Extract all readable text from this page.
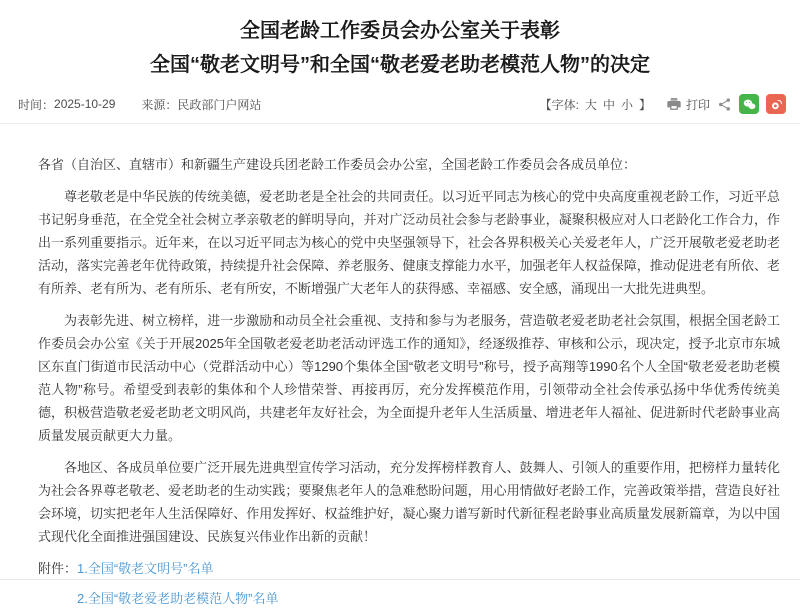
全国老龄工作委员会办公室关于表彰
全国“敬老文明号”和全国“敬老爱老助老模范人物”的决定
时间： 2025-10-29 来源： 民政部门户网站	【字体: 大 中 小 】	打印

各省（自治区、直辖市）和新疆生产建设兵团老龄工作委员会办公室，全国老龄工作委员会各成员单位：

尊老敬老是中华民族的传统美德，爱老助老是全社会的共同责任。以习近平同志为核心的党中央高度重视老龄工作，习近平总书记躬身垂范，在全党全社会树立孝亲敬老的鲜明导向，并对广泛动员社会参与老龄事业，凝聚积极应对人口老龄化工作合力，作出一系列重要指示。近年来，在以习近平同志为核心的党中央坚强领导下，社会各界积极关心关爱老年人，广泛开展敬老爱老助老活动，落实完善老年优待政策，持续提升社会保障、养老服务、健康支撑能力水平，加强老年人权益保障，推动促进老有所依、老有所养、老有所为、老有所乐、老有所安，不断增强广大老年人的获得感、幸福感、安全感，涌现出一大批先进典型。

为表彰先进、树立榜样，进一步激励和动员全社会重视、支持和参与为老服务，营造敬老爱老助老社会氛围，根据全国老龄工作委员会办公室《关于开展2025年全国敬老爱老助老活动评选工作的通知》，经逐级推荐、审核和公示，现决定，授予北京市东城区东直门街道市民活动中心（党群活动中心）等1290个集体全国“敬老文明号”称号，授予高翔等1990名个人全国“敬老爱老助老模范人物”称号。希望受到表彰的集体和个人珍惜荣誉、再接再厉，充分发挥模范作用，引领带动全社会传承弘扬中华优秀传统美德，积极营造敬老爱老助老文明风尚，共建老年友好社会，为全面提升老年人生活质量、增进老年人福祉、促进新时代老龄事业高质量发展贡献更大力量。

各地区、各成员单位要广泛开展先进典型宣传学习活动，充分发挥榜样教育人、鼓舞人、引领人的重要作用，把榜样力量转化为社会各界尊老敬老、爱老助老的生动实践；要聚焦老年人的急难愁盼问题，用心用情做好老龄工作，完善政策举措，营造良好社会环境，切实把老年人生活保障好、作用发挥好、权益维护好，凝心聚力谱写新时代新征程老龄事业高质量发展新篇章，为以中国式现代化全面推进强国建设、民族复兴伟业作出新的贡献！

附件：1.全国“敬老文明号”名单
2.全国“敬老爱老助老模范人物”名单
